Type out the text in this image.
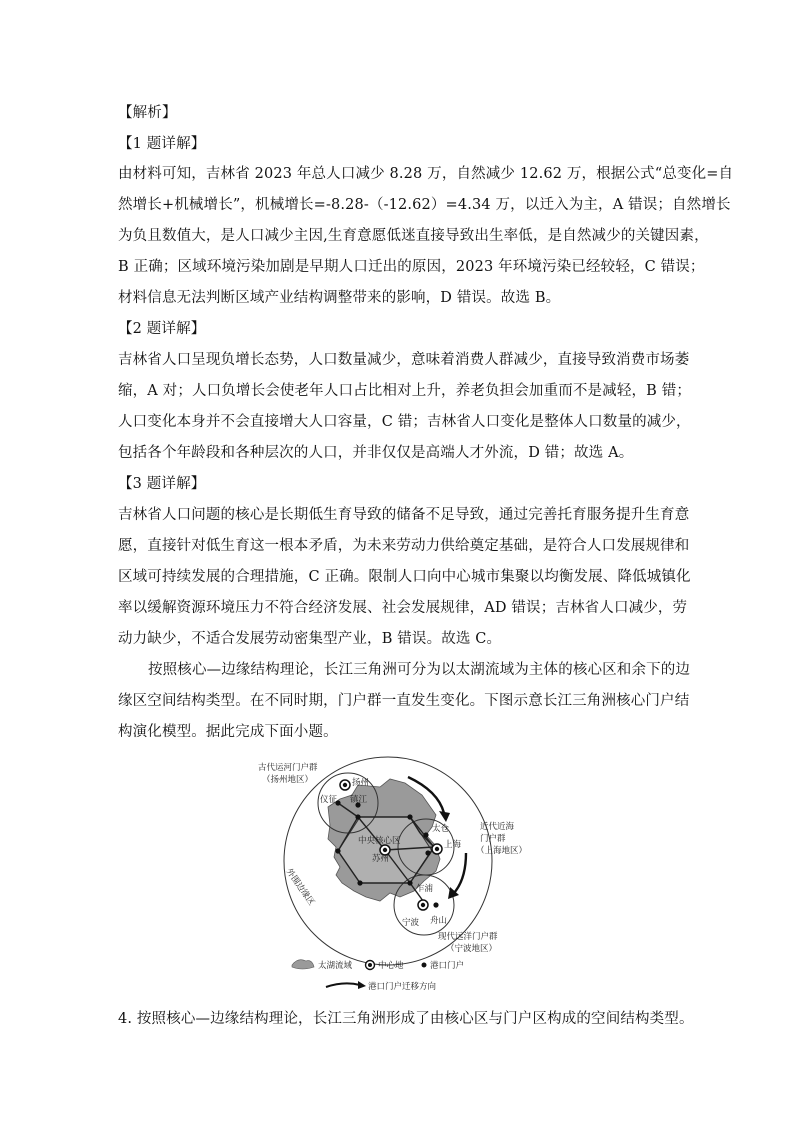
【解析】
【1 题详解】
由材料可知，吉林省 2023 年总人口减少 8.28 万，自然减少 12.62 万，根据公式“总变化=自
然增长+机械增长”，机械增长=-8.28-（-12.62）=4.34 万，以迁入为主，A 错误；自然增长
为负且数值大，是人口减少主因,生育意愿低迷直接导致出生率低，是自然减少的关键因素，
B 正确；区域环境污染加剧是早期人口迁出的原因，2023 年环境污染已经较轻，C 错误；
材料信息无法判断区域产业结构调整带来的影响，D 错误。故选 B。
【2 题详解】
吉林省人口呈现负增长态势，人口数量减少，意味着消费人群减少，直接导致消费市场萎
缩，A 对；人口负增长会使老年人口占比相对上升，养老负担会加重而不是减轻，B 错；
人口变化本身并不会直接增大人口容量，C 错；吉林省人口变化是整体人口数量的减少，
包括各个年龄段和各种层次的人口，并非仅仅是高端人才外流，D 错；故选 A。
【3 题详解】
吉林省人口问题的核心是长期低生育导致的储备不足导致，通过完善托育服务提升生育意
愿，直接针对低生育这一根本矛盾，为未来劳动力供给奠定基础，是符合人口发展规律和
区域可持续发展的合理措施，C 正确。限制人口向中心城市集聚以均衡发展、降低城镇化
率以缓解资源环境压力不符合经济发展、社会发展规律，AD 错误；吉林省人口减少，劳
动力缺少，不适合发展劳动密集型产业，B 错误。故选 C。
按照核心—边缘结构理论，长江三角洲可分为以太湖流域为主体的核心区和余下的边
缘区空间结构类型。在不同时期，门户群一直发生变化。下图示意长江三角洲核心门户结
构演化模型。据此完成下面小题。
古代运河门户群
（扬州地区）	扬州
仪征 镇江
太仓
上海
中央核心区
苏州
近代近海
门户群
（上海地区）
乍浦
宁波 舟山
现代远洋门户群
（宁波地区）
外围边缘区
太湖流域	中心地	港口门户
港口门户迁移方向
4. 按照核心—边缘结构理论，长江三角洲形成了由核心区与门户区构成的空间结构类型。
